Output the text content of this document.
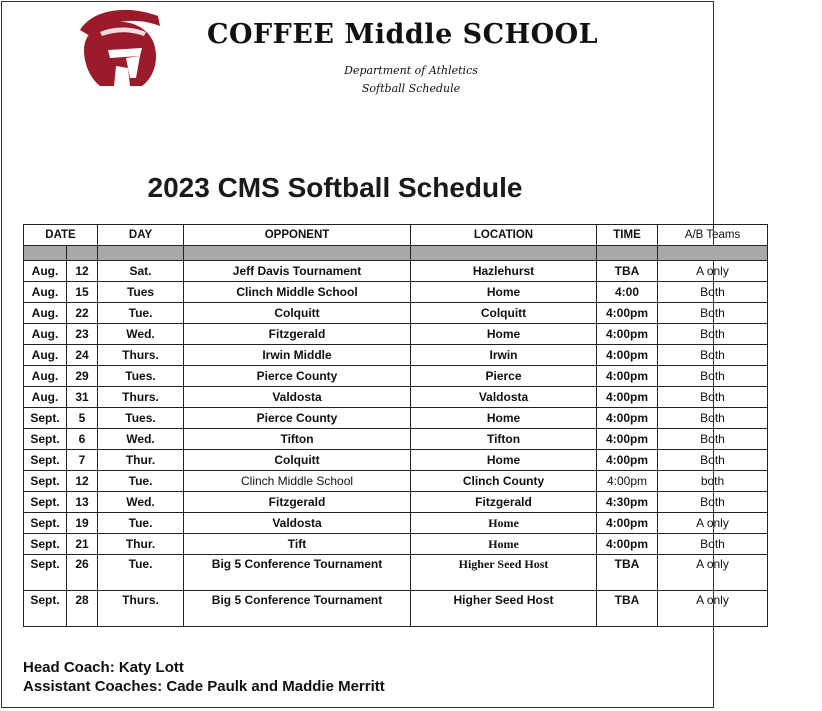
COFFEE Middle SCHOOL
Department of Athletics
Softball Schedule
2023 CMS Softball Schedule
DATE		DAY	OPPONENT	LOCATION	TIME	A/B Teams

Aug.	12	Sat.	Jeff Davis Tournament	Hazlehurst	TBA	A only
Aug.	15	Tues	Clinch Middle School	Home	4:00	Both
Aug.	22	Tue.	Colquitt	Colquitt	4:00pm	Both
Aug.	23	Wed.	Fitzgerald	Home	4:00pm	Both
Aug.	24	Thurs.	Irwin Middle	Irwin	4:00pm	Both
Aug.	29	Tues.	Pierce County	Pierce	4:00pm	Both
Aug.	31	Thurs.	Valdosta	Valdosta	4:00pm	Both
Sept.	5	Tues.	Pierce County	Home	4:00pm	Both
Sept.	6	Wed.	Tifton	Tifton	4:00pm	Both
Sept.	7	Thur.	Colquitt	Home	4:00pm	Both
Sept.	12	Tue.	Clinch Middle School	Clinch County	4:00pm	both
Sept.	13	Wed.	Fitzgerald	Fitzgerald	4:30pm	Both
Sept.	19	Tue.	Valdosta	Home	4:00pm	A only
Sept.	21	Thur.	Tift	Home	4:00pm	Both
Sept.	26	Tue.	Big 5 Conference Tournament	Higher Seed Host	TBA	A only
Sept.	28	Thurs.	Big 5 Conference Tournament	Higher Seed Host	TBA	A only
Head Coach: Katy Lott
Assistant Coaches: Cade Paulk and Maddie Merritt
